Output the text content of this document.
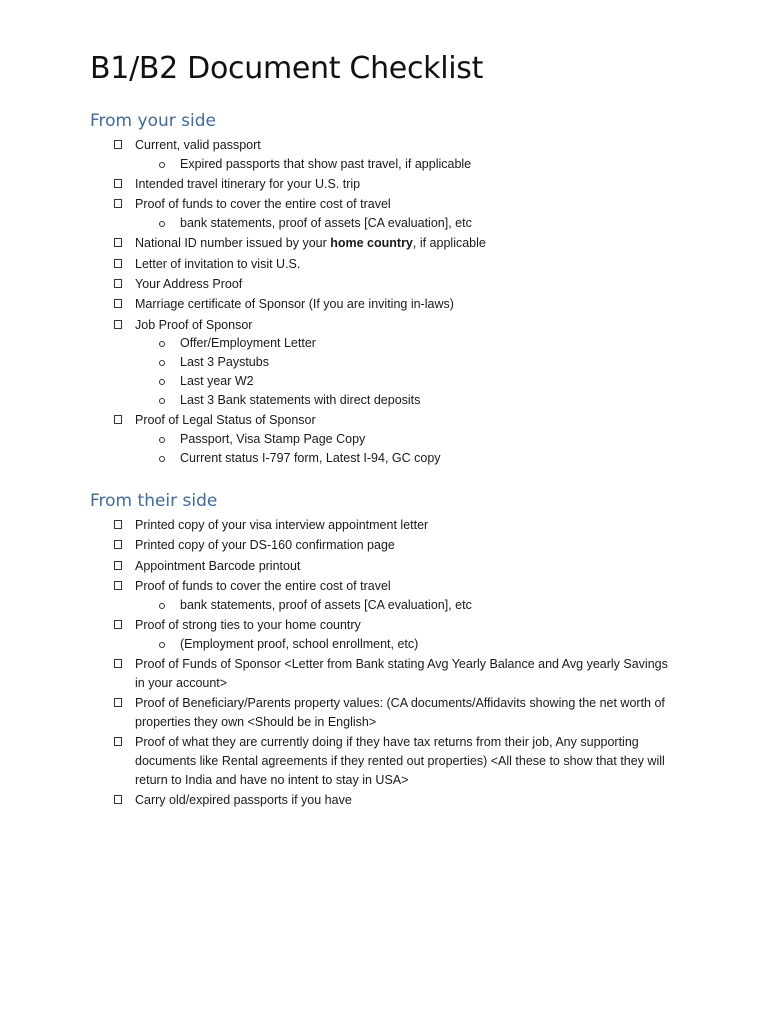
B1/B2 Document Checklist
From your side
Current, valid passport
Expired passports that show past travel, if applicable
Intended travel itinerary for your U.S. trip
Proof of funds to cover the entire cost of travel
bank statements, proof of assets [CA evaluation], etc
National ID number issued by your home country, if applicable
Letter of invitation to visit U.S.
Your Address Proof
Marriage certificate of Sponsor (If you are inviting in-laws)
Job Proof of Sponsor
Offer/Employment Letter
Last 3 Paystubs
Last year W2
Last 3 Bank statements with direct deposits
Proof of Legal Status of Sponsor
Passport, Visa Stamp Page Copy
Current status I-797 form, Latest I-94, GC copy
From their side
Printed copy of your visa interview appointment letter
Printed copy of your DS-160 confirmation page
Appointment Barcode printout
Proof of funds to cover the entire cost of travel
bank statements, proof of assets [CA evaluation], etc
Proof of strong ties to your home country
(Employment proof, school enrollment, etc)
Proof of Funds of Sponsor <Letter from Bank stating Avg Yearly Balance and Avg yearly Savings in your account>
Proof of Beneficiary/Parents property values: (CA documents/Affidavits showing the net worth of properties they own <Should be in English>
Proof of what they are currently doing if they have tax returns from their job, Any supporting documents like Rental agreements if they rented out properties) <All these to show that they will return to India and have no intent to stay in USA>
Carry old/expired passports if you have
